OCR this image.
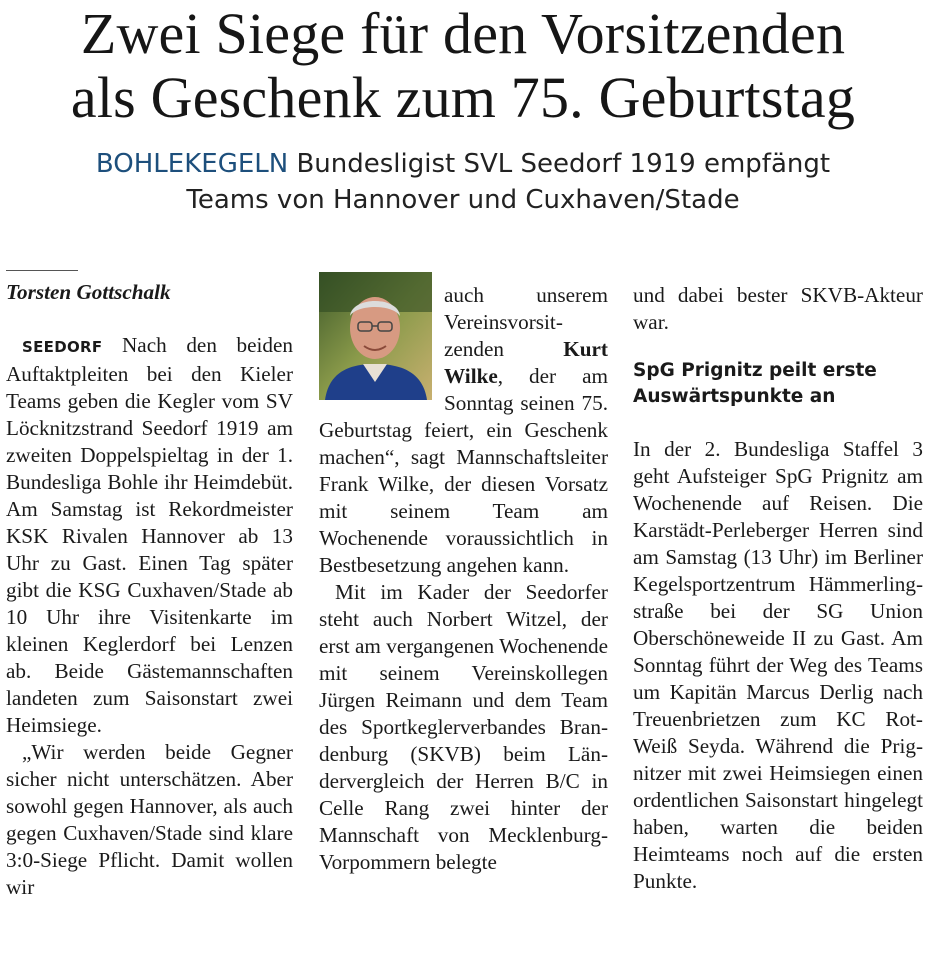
Zwei Siege für den Vorsitzenden
als Geschenk zum 75. Geburtstag
BOHLEKEGELN Bundesligist SVL Seedorf 1919 empfängt
Teams von Hannover und Cuxhaven/Stade

Torsten Gottschalk

SEEDORF Nach den beiden Auftaktpleiten bei den Kieler Teams geben die Kegler vom SV Löcknitzstrand Seedorf 1919 am zweiten Doppelspieltag in der 1. Bundesliga Bohle ihr Heimdebüt. Am Samstag ist Rekordmeister KSK Rivalen Hannover ab 13 Uhr zu Gast. Einen Tag später gibt die KSG Cuxhaven/Stade ab 10 Uhr ihre Visitenkarte im kleinen Keglerdorf bei Lenzen ab. Beide Gästemannschaften landeten zum Saisonstart zwei Heimsiege.

„Wir werden beide Gegner sicher nicht unterschätzen. Aber sowohl gegen Hannover, als auch gegen Cuxhaven/Stade sind klare 3:0-Siege Pflicht. Damit wollen wir

auch unserem Vereinsvorsitzenden Kurt Wilke, der am Sonntag seinen 75. Geburtstag feiert, ein Geschenk machen“, sagt Mannschaftsleiter Frank Wilke, der diesen Vorsatz mit seinem Team am Wochenende voraussichtlich in Bestbesetzung angehen kann.

Mit im Kader der Seedorfer steht auch Norbert Witzel, der erst am vergangenen Wochenende mit seinem Vereinskollegen Jürgen Reimann und dem Team des Sportkeglerverbandes Brandenburg (SKVB) beim Ländervergleich der Herren B/C in Celle Rang zwei hinter der Mannschaft von Mecklenburg-Vorpommern belegte

und dabei bester SKVB-Akteur war.

SpG Prignitz peilt erste Auswärtspunkte an

In der 2. Bundesliga Staffel 3 geht Aufsteiger SpG Prignitz am Wochenende auf Reisen. Die Karstädt-Perleberger Herren sind am Samstag (13 Uhr) im Berliner Kegelsportzentrum Hämmerlingstraße bei der SG Union Oberschöneweide II zu Gast. Am Sonntag führt der Weg des Teams um Kapitän Marcus Derlig nach Treuenbrietzen zum KC Rot-Weiß Seyda. Während die Prignitzer mit zwei Heimsiegen einen ordentlichen Saisonstart hingelegt haben, warten die beiden Heimteams noch auf die ersten Punkte.
